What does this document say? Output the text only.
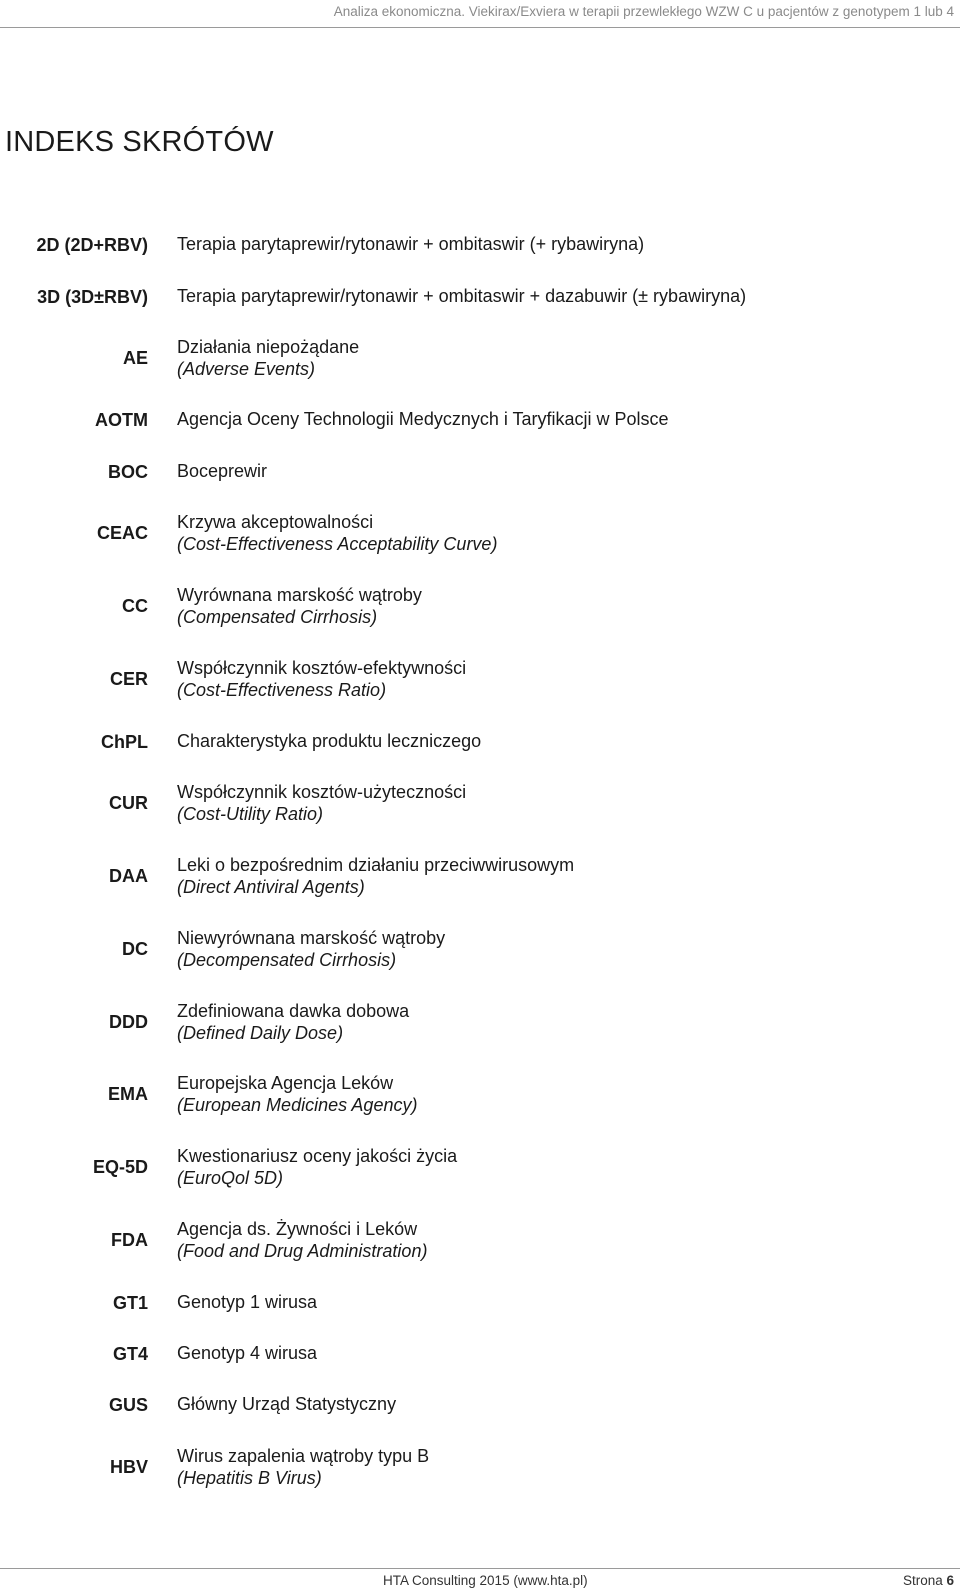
Analiza ekonomiczna. Viekirax/Exviera w terapii przewlekłego WZW C u pacjentów z genotypem 1 lub 4
INDEKS SKRÓTÓW
2D (2D+RBV) Terapia parytaprewir/rytonawir + ombitaswir (+ rybawiryna)
3D (3D±RBV) Terapia parytaprewir/rytonawir + ombitaswir + dazabuwir (± rybawiryna)
AE
Działania niepożądane
(Adverse Events)
AOTM Agencja Oceny Technologii Medycznych i Taryfikacji w Polsce
BOC Boceprewir
CEAC
Krzywa akceptowalności
(Cost-Effectiveness Acceptability Curve)
CC
Wyrównana marskość wątroby
(Compensated Cirrhosis)
CER
Współczynnik kosztów-efektywności
(Cost-Effectiveness Ratio)
ChPL Charakterystyka produktu leczniczego
CUR
Współczynnik kosztów-użyteczności
(Cost-Utility Ratio)
DAA
Leki o bezpośrednim działaniu przeciwwirusowym
(Direct Antiviral Agents)
DC
Niewyrównana marskość wątroby
(Decompensated Cirrhosis)
DDD
Zdefiniowana dawka dobowa
(Defined Daily Dose)
EMA
Europejska Agencja Leków
(European Medicines Agency)
EQ-5D
Kwestionariusz oceny jakości życia
(EuroQol 5D)
FDA
Agencja ds. Żywności i Leków
(Food and Drug Administration)
GT1 Genotyp 1 wirusa
GT4 Genotyp 4 wirusa
GUS Główny Urząd Statystyczny
HBV
Wirus zapalenia wątroby typu B
(Hepatitis B Virus)
HTA Consulting 2015 (www.hta.pl)	Strona 6
